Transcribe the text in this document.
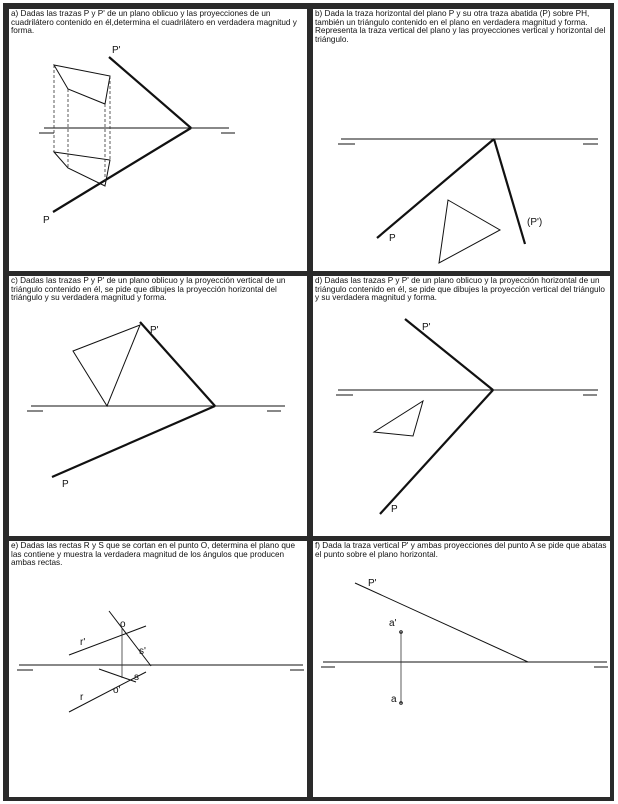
a) Dadas las trazas P y P' de un plano oblicuo y las proyecciones de un cuadrilátero contenido en él,determina el cuadrilátero en verdadera magnitud y forma.

P'
P

b) Dada la traza horizontal del plano P y su otra traza abatida (P) sobre PH, también un triángulo contenido en el plano en verdadera magnitud y forma. Representa la traza vertical del plano y las proyecciones vertical y horizontal del triángulo.

P
(P')

c) Dadas las trazas P y P' de un plano oblicuo y la proyección vertical de un triángulo contenido en él, se pide que dibujes la proyección horizontal del triángulo y su verdadera magnitud y forma.

P'
P

d) Dadas las trazas P y P' de un plano oblicuo y la proyección horizontal de un triángulo contenido en él, se pide que dibujes la proyección vertical del triángulo y su verdadera magnitud y forma.

P'
P

e) Dadas las rectas R y S que se cortan en el punto O, determina el plano que las contiene y muestra la verdadera magnitud de los ángulos que producen ambas rectas.

o
r'
s'
s
o'
r

f) Dada la traza vertical P' y ambas proyecciones del punto A se pide que abatas el punto sobre el plano horizontal.

P'
a'
a
